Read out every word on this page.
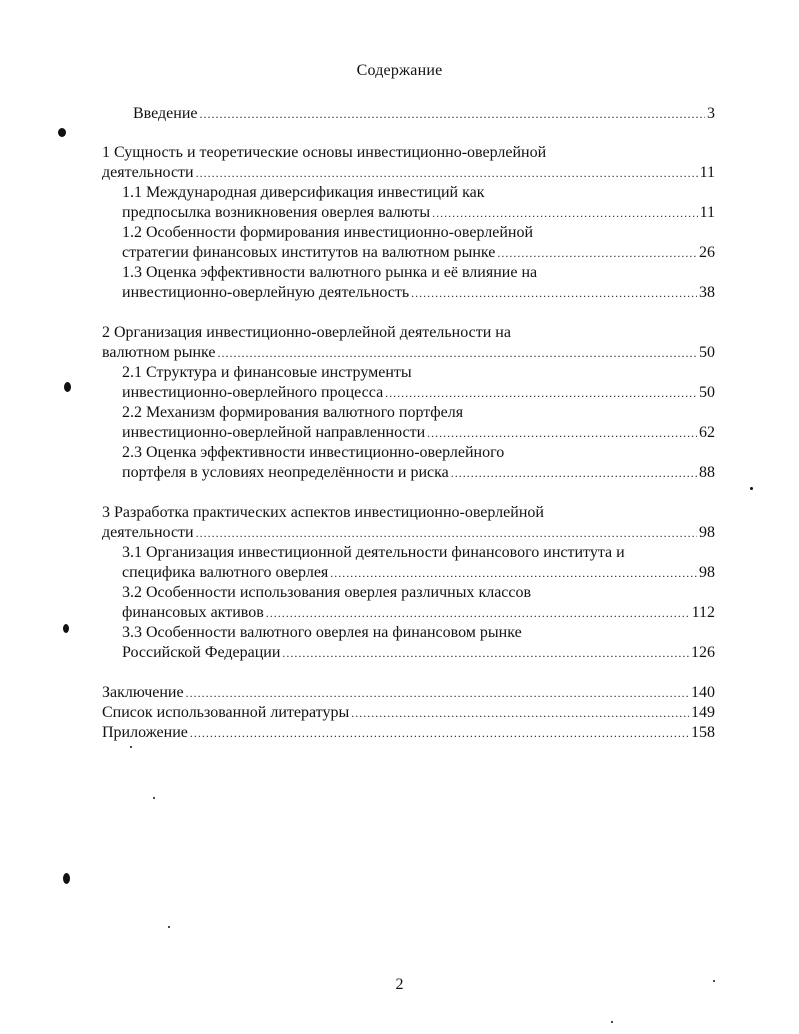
Содержание
Введение .....	3
1 Сущность и теоретические основы инвестиционно-оверлейной
деятельности .....	11
1.1 Международная диверсификация инвестиций как
предпосылка возникновения оверлея валюты .....	11
1.2 Особенности формирования инвестиционно-оверлейной
стратегии финансовых институтов на валютном рынке .....	26
1.3 Оценка эффективности валютного рынка и её влияние на
инвестиционно-оверлейную деятельность .....	38
2 Организация инвестиционно-оверлейной деятельности на
валютном рынке .....	50
2.1 Структура и финансовые инструменты
инвестиционно-оверлейного процесса .....	50
2.2 Механизм формирования валютного портфеля
инвестиционно-оверлейной направленности .....	62
2.3 Оценка эффективности инвестиционно-оверлейного
портфеля в условиях неопределённости и риска .....	88
3 Разработка практических аспектов инвестиционно-оверлейной
деятельности .....	98
3.1 Организация инвестиционной деятельности финансового института и
специфика валютного оверлея .....	98
3.2 Особенности использования оверлея различных классов
финансовых активов .....	112
3.3 Особенности валютного оверлея на финансовом рынке
Российской Федерации .....	126
Заключение .....	140
Список использованной литературы .....	149
Приложение .....	158
2
